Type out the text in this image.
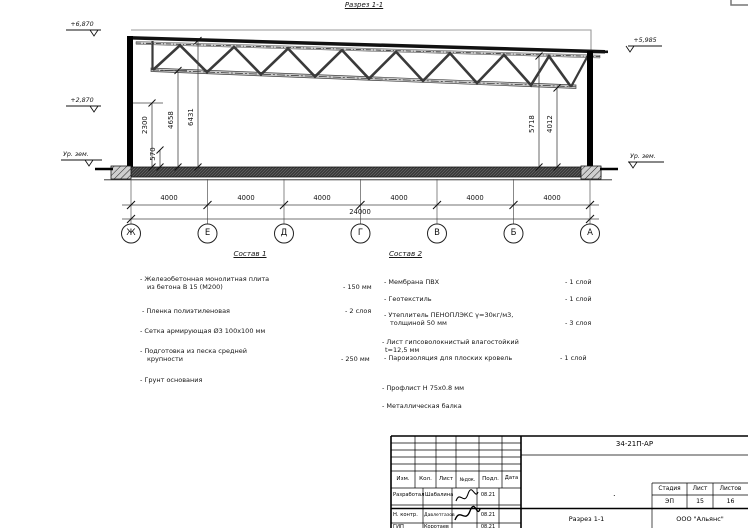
Разрез 1-1
+6,870
+2,870
+5,985
Ур. зем.	Ур. зем.
2300
570
4658 6431	5718 4012
4000	4000	4000	4000	4000	4000
24000
Ж	Е	Д	Г	В	Б	А
Состав 1
- Железобетонная монолитная плита
из бетона В 15 (М200)	- 150 мм
- Пленка полиэтиленовая	- 2 слоя
- Сетка армирующая Ø3 100х100 мм
- Подготовка из песка средней
крупности	- 250 мм
- Грунт основания
Состав 2
- Мембрана ПВХ	- 1 слой
- Геотекстиль	- 1 слой
- Утеплитель ПЕНОПЛЭКС γ=30кг/м3,
толщиной 50 мм	- 3 слоя
- Лист гипсоволокнистый влагостойкий
t=12,5 мм
- Пароизоляция для плоских кровель	- 1 слой
- Профлист Н 75х0.8 мм
- Металлическая балка
34-21П-АР
Изм.	Кол.	Лист	№док.	Подл.	Дата
Разработал Шабалина	08.21
Н. контр. Давлетгазов	08.21
ГИП	Коротаев	08.21
Стадия	Лист	Листов
ЭП	15	16
Разрез 1-1	ООО "Альянс"
.
